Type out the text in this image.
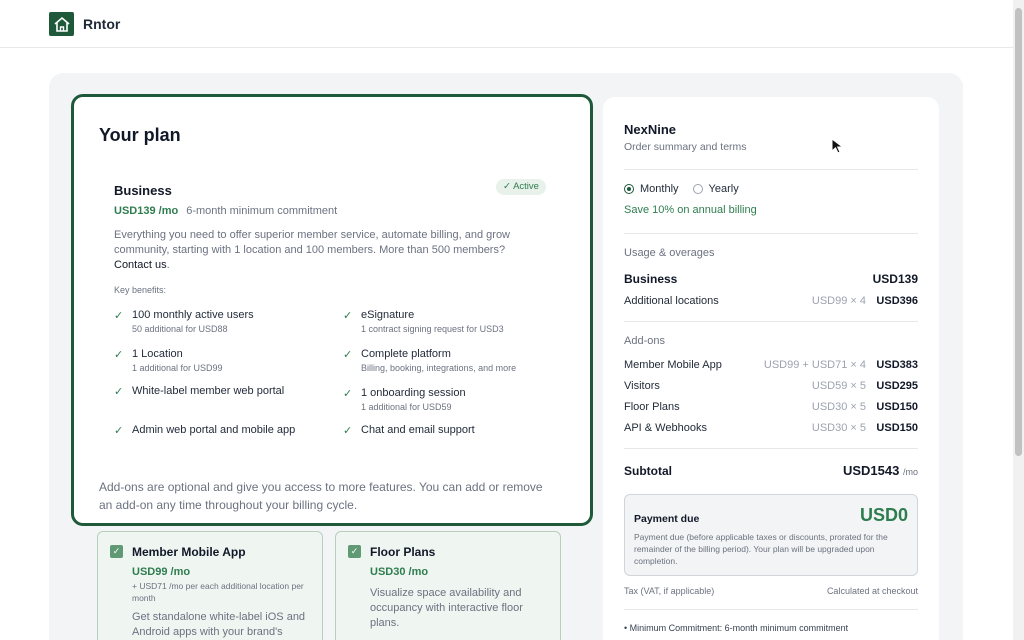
Rntor
Your plan
Business	✓ Active
USD139 /mo 6-month minimum commitment
Everything you need to offer superior member service, automate billing, and grow community, starting with 1 location and 100 members. More than 500 members? Contact us.
Key benefits:
✓ 100 monthly active users
50 additional for USD88
✓ eSignature
1 contract signing request for USD3
✓ 1 Location
1 additional for USD99
✓ Complete platform
Billing, booking, integrations, and more
✓ White-label member web portal	✓ 1 onboarding session
1 additional for USD59
✓ Admin web portal and mobile app	✓ Chat and email support
Add-ons are optional and give you access to more features. You can add or remove an add-on any time throughout your billing cycle.
✓ Member Mobile App
USD99 /mo
+ USD71 /mo per each additional location per month
Get standalone white-label iOS and Android apps with your brand's
✓ Floor Plans
USD30 /mo
Visualize space availability and occupancy with interactive floor plans.
NexNine
Order summary and terms
Monthly	Yearly
Save 10% on annual billing
Usage & overages
Business	USD139
Additional locations	USD99 × 4 USD396
Add-ons
Member Mobile App	USD99 + USD71 × 4 USD383
Visitors	USD59 × 5 USD295
Floor Plans	USD30 × 5 USD150
API & Webhooks	USD30 × 5 USD150
Subtotal	USD1543 /mo
Payment due	USD0
Payment due (before applicable taxes or discounts, prorated for the remainder of the billing period). Your plan will be upgraded upon completion.
Tax (VAT, if applicable)	Calculated at checkout
• Minimum Commitment: 6-month minimum commitment
